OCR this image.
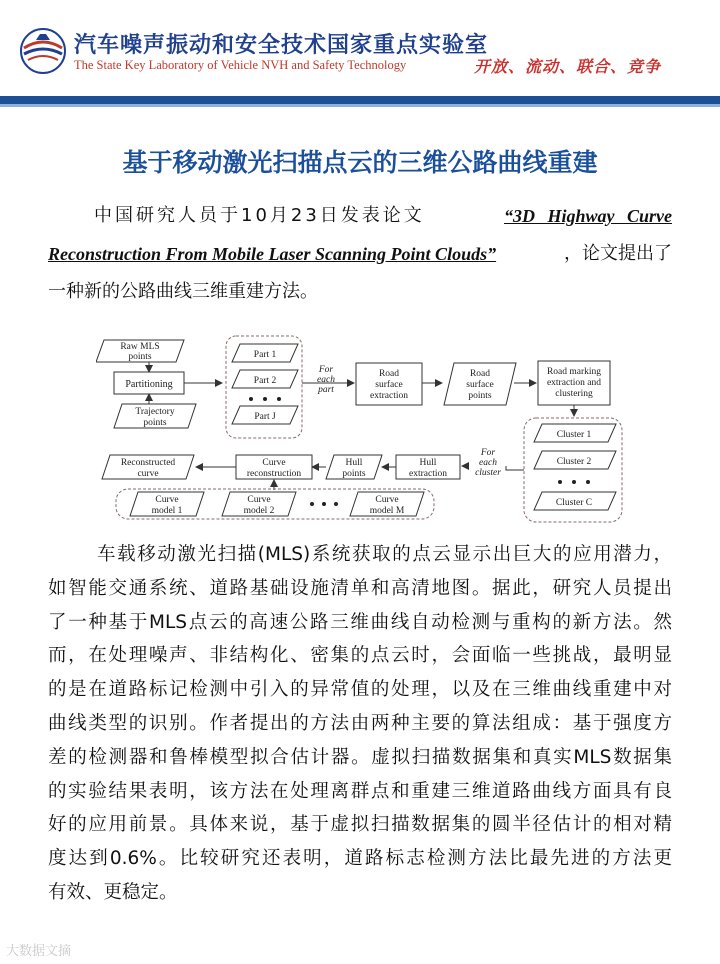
汽车噪声振动和安全技术国家重点实验室
The State Key Laboratory of Vehicle NVH and Safety Technology	开放、流动、联合、竞争
基于移动激光扫描点云的三维公路曲线重建
中国研究人员于10月23日发表论文	“3D Highway Curve
Reconstruction From Mobile Laser Scanning Point Clouds”	，论文提出了
一种新的公路曲线三维重建方法。
Raw MLS
points
Partitioning
Trajectory
points
Part 1
Part 2
Part J
For
each
part
Road
surface
extraction
Road
surface
points
Road marking
extraction and
clustering
Cluster 1
Cluster 2
Cluster C
For
each
cluster
Hull
extraction
Hull
points
Curve
reconstruction
Reconstructed
curve
Curve
model 1
Curve
model 2
Curve
model M
车载移动激光扫描(MLS)系统获取的点云显示出巨大的应用潜力，
如智能交通系统、道路基础设施清单和高清地图。据此，研究人员提出
了一种基于MLS点云的高速公路三维曲线自动检测与重构的新方法。然
而，在处理噪声、非结构化、密集的点云时，会面临一些挑战，最明显
的是在道路标记检测中引入的异常值的处理，以及在三维曲线重建中对
曲线类型的识别。作者提出的方法由两种主要的算法组成：基于强度方
差的检测器和鲁棒模型拟合估计器。虚拟扫描数据集和真实MLS数据集
的实验结果表明，该方法在处理离群点和重建三维道路曲线方面具有良
好的应用前景。具体来说，基于虚拟扫描数据集的圆半径估计的相对精
度达到0.6%。比较研究还表明，道路标志检测方法比最先进的方法更
有效、更稳定。
大数据文摘
